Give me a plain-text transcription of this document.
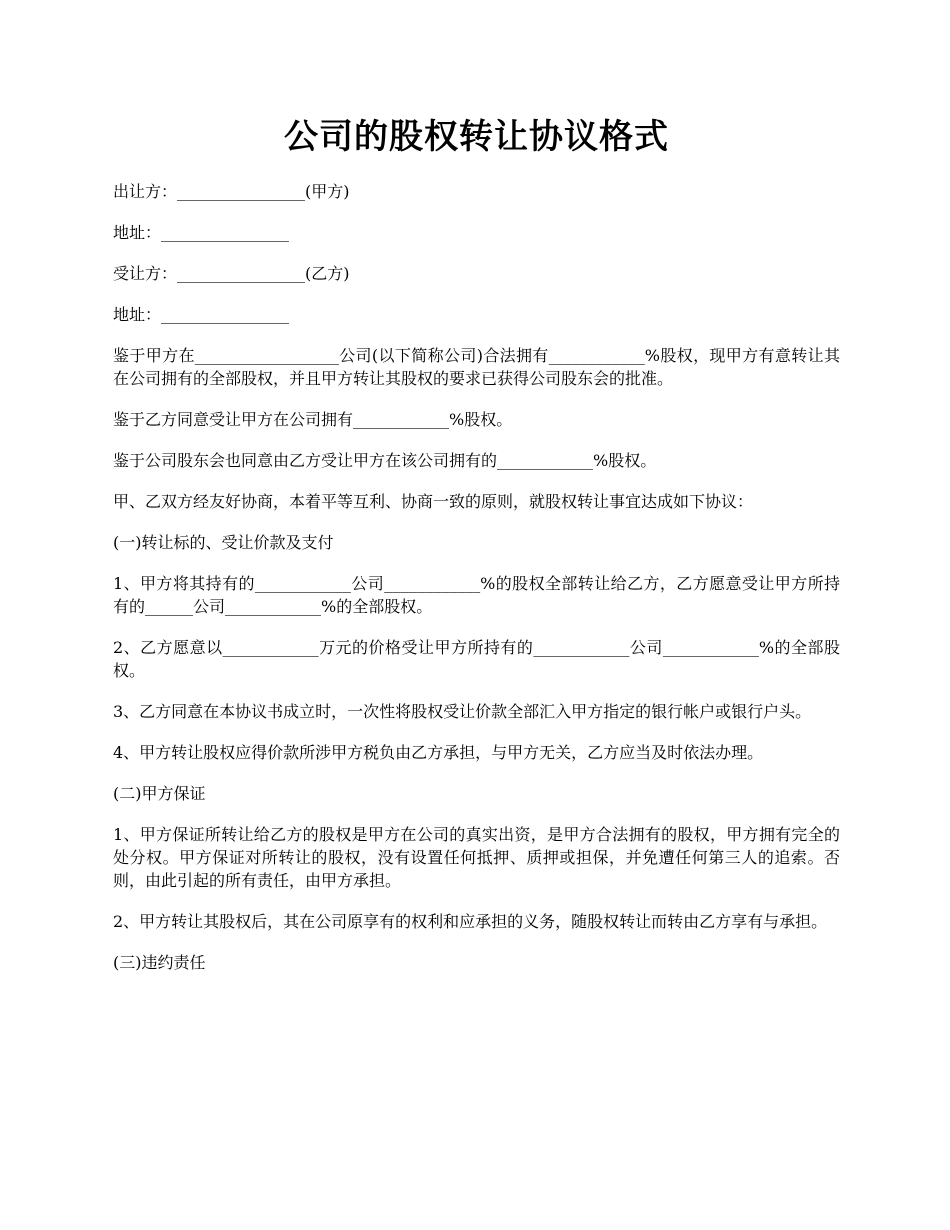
公司的股权转让协议格式

出让方：________________(甲方)

地址：________________

受让方：________________(乙方)

地址：________________

鉴于甲方在__________________公司(以下简称公司)合法拥有____________%股权，现甲方有意转让其在公司拥有的全部股权，并且甲方转让其股权的要求已获得公司股东会的批准。

鉴于乙方同意受让甲方在公司拥有____________%股权。

鉴于公司股东会也同意由乙方受让甲方在该公司拥有的____________%股权。

甲、乙双方经友好协商，本着平等互利、协商一致的原则，就股权转让事宜达成如下协议：

(一)转让标的、受让价款及支付

1、甲方将其持有的____________公司____________%的股权全部转让给乙方，乙方愿意受让甲方所持有的______公司____________%的全部股权。

2、乙方愿意以____________万元的价格受让甲方所持有的____________公司____________%的全部股权。

3、乙方同意在本协议书成立时，一次性将股权受让价款全部汇入甲方指定的银行帐户或银行户头。

4、甲方转让股权应得价款所涉甲方税负由乙方承担，与甲方无关，乙方应当及时依法办理。

(二)甲方保证

1、甲方保证所转让给乙方的股权是甲方在公司的真实出资，是甲方合法拥有的股权，甲方拥有完全的处分权。甲方保证对所转让的股权，没有设置任何抵押、质押或担保，并免遭任何第三人的追索。否则，由此引起的所有责任，由甲方承担。

2、甲方转让其股权后，其在公司原享有的权利和应承担的义务，随股权转让而转由乙方享有与承担。

(三)违约责任
